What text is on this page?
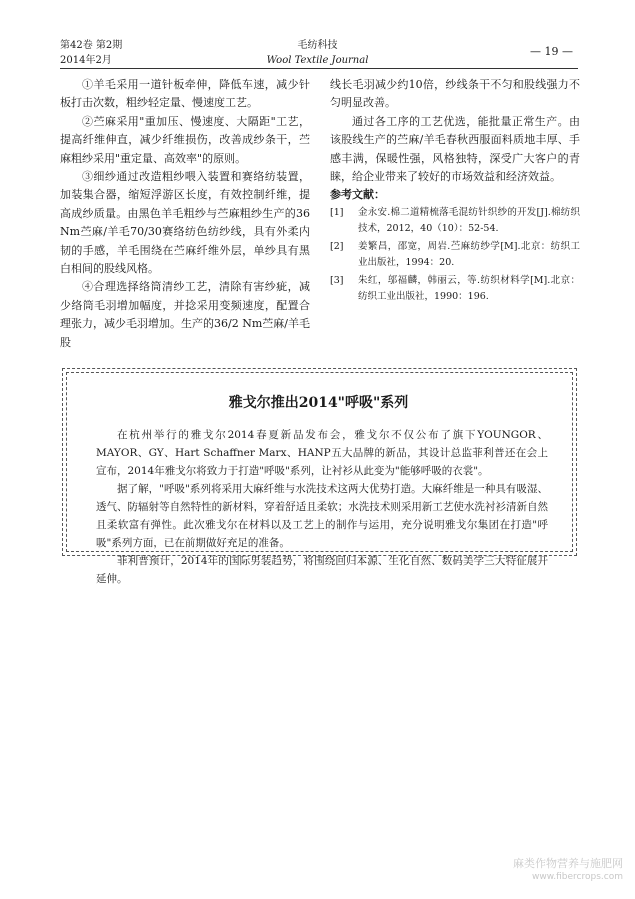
第42卷 第2期
2014年2月
毛纺科技
Wool Textile Journal
— 19 —

①羊毛采用一道针板牵伸，降低车速，减少针板打击次数，粗纱轻定量、慢速度工艺。

②苎麻采用"重加压、慢速度、大隔距"工艺，提高纤维伸直，减少纤维损伤，改善成纱条干，苎麻粗纱采用"重定量、高效率"的原则。

③细纱通过改造粗纱喂入装置和赛络纺装置，加装集合器，缩短浮游区长度，有效控制纤维，提高成纱质量。由黑色羊毛粗纱与苎麻粗纱生产的36 Nm苎麻/羊毛70/30赛络纺色纺纱线，具有外柔内韧的手感，羊毛围绕在苎麻纤维外层，单纱具有黑白相间的股线风格。

④合理选择络筒清纱工艺，清除有害纱疵，减少络筒毛羽增加幅度，并捻采用变频速度，配置合理张力，减少毛羽增加。生产的36/2 Nm苎麻/羊毛股

线长毛羽减少约10倍，纱线条干不匀和股线强力不匀明显改善。

通过各工序的工艺优选，能批量正常生产。由该股线生产的苎麻/羊毛春秋西服面料质地丰厚、手感丰满，保暖性强，风格独特，深受广大客户的青睐，给企业带来了较好的市场效益和经济效益。

参考文献：

[1] 金永安.棉二道精梳落毛混纺针织纱的开发[J].棉纺织技术，2012，40（10）：52-54.
[2] 姜繁昌，邵宽，周岩.苎麻纺纱学[M].北京：纺织工业出版社，1994：20.
[3] 朱红，邬福麟，韩丽云，等.纺织材料学[M].北京：纺织工业出版社，1990：196.
雅戈尔推出2014"呼吸"系列

在杭州举行的雅戈尔2014春夏新品发布会，雅戈尔不仅公布了旗下YOUNGOR、MAYOR、GY、Hart Schaffner Marx、HANP五大品牌的新品，其设计总监菲利普还在会上宣布，2014年雅戈尔将致力于打造"呼吸"系列，让衬衫从此变为"能够呼吸的衣裳"。

据了解，"呼吸"系列将采用大麻纤维与水洗技术这两大优势打造。大麻纤维是一种具有吸湿、透气、防辐射等自然特性的新材料，穿着舒适且柔软；水洗技术则采用新工艺使水洗衬衫清新自然且柔软富有弹性。此次雅戈尔在材料以及工艺上的制作与运用，充分说明雅戈尔集团在打造"呼吸"系列方面，已在前期做好充足的准备。

菲利普预计，2014年的国际男装趋势，将围绕回归本源、生化自然、数码美学三大特征展开延伸。

麻类作物营养与施肥网
www.fibercrops.com
